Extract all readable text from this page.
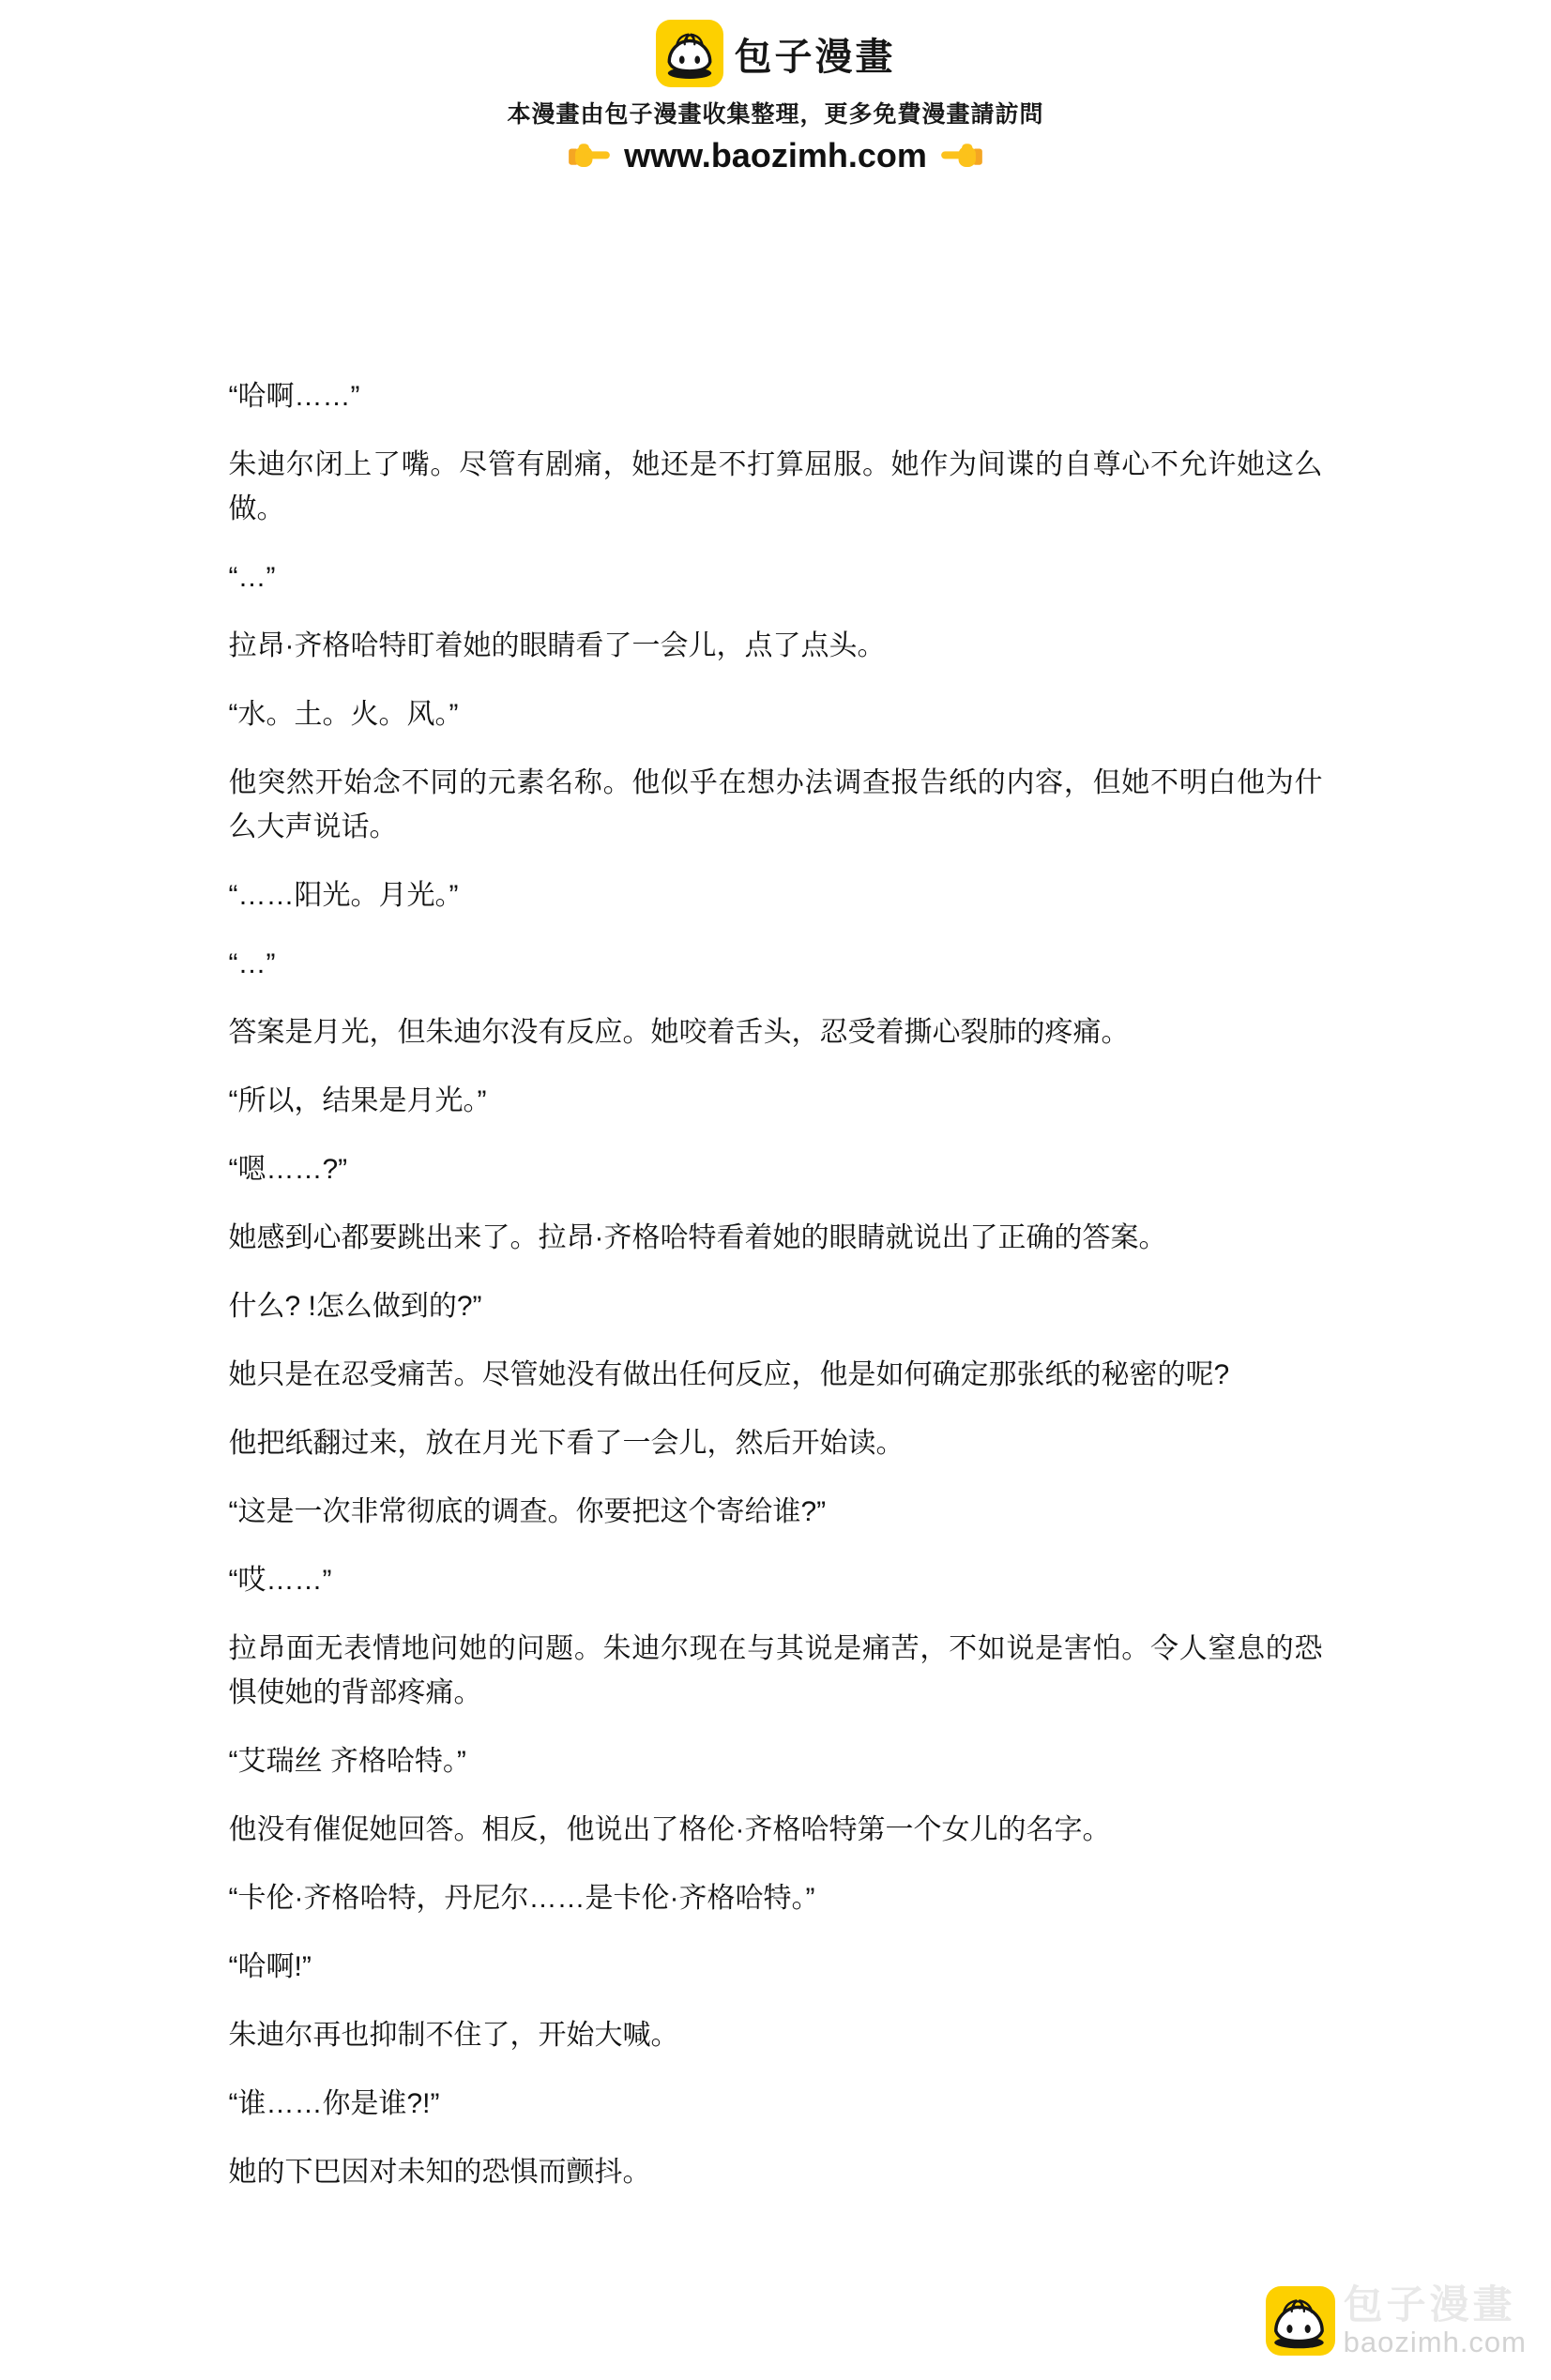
包子漫畫
本漫畫由包子漫畫收集整理，更多免費漫畫請訪問
www.baozimh.com

“哈啊……”

朱迪尔闭上了嘴。尽管有剧痛，她还是不打算屈服。她作为间谍的自尊心不允许她这么做。

“…”

拉昂·齐格哈特盯着她的眼睛看了一会儿，点了点头。

“水。土。火。风。”

他突然开始念不同的元素名称。他似乎在想办法调查报告纸的内容，但她不明白他为什么大声说话。

“……阳光。月光。”

“…”

答案是月光，但朱迪尔没有反应。她咬着舌头，忍受着撕心裂肺的疼痛。

“所以，结果是月光。”

“嗯……?”

她感到心都要跳出来了。拉昂·齐格哈特看着她的眼睛就说出了正确的答案。

什么? !怎么做到的?”

她只是在忍受痛苦。尽管她没有做出任何反应，他是如何确定那张纸的秘密的呢?

他把纸翻过来，放在月光下看了一会儿，然后开始读。

“这是一次非常彻底的调查。你要把这个寄给谁?”

“哎……”

拉昂面无表情地问她的问题。朱迪尔现在与其说是痛苦，不如说是害怕。令人窒息的恐惧使她的背部疼痛。

“艾瑞丝 齐格哈特。”

他没有催促她回答。相反，他说出了格伦·齐格哈特第一个女儿的名字。

“卡伦·齐格哈特，丹尼尔……是卡伦·齐格哈特。”

“哈啊!”

朱迪尔再也抑制不住了，开始大喊。

“谁……你是谁?!”

她的下巴因对未知的恐惧而颤抖。

包子漫畫
baozimh.com
